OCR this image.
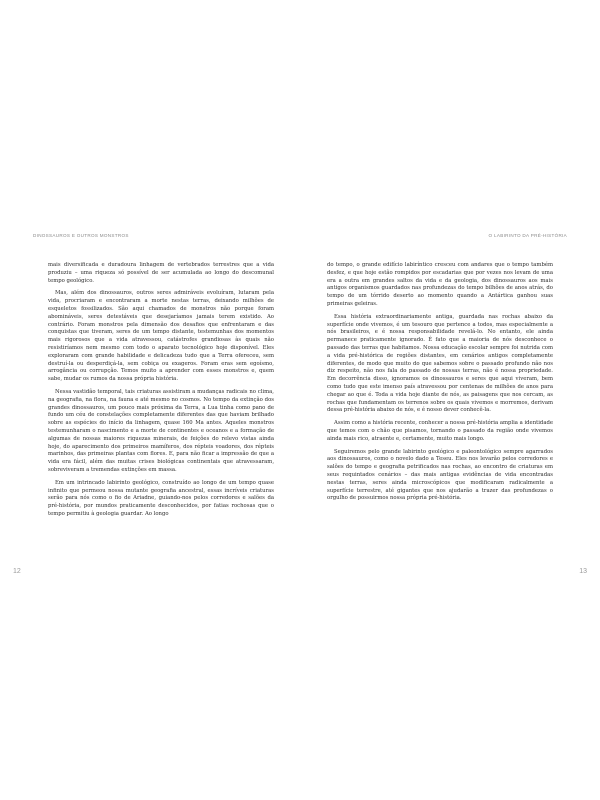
DINOSSAUROS E OUTROS MONSTROS	O LABIRINTO DA PRÉ-HISTÓRIA

mais diversificada e duradoura linhagem de vertebrados terrestres que a vida produziu – uma riqueza só possível de ser acumulada ao longo do descomunal tempo geológico.

Mas, além dos dinossauros, outros seres admiráveis evoluíram, lutaram pela vida, procriaram e encontraram a morte nestas terras, deixando milhões de esqueletos fossilizados. São aqui chamados de monstros não porque foram abomináveis, seres detestáveis que desejaríamos jamais terem existido. Ao contrário. Foram monstros pela dimensão dos desafios que enfrentaram e das conquistas que tiveram, seres de um tempo distante, testemunhas dos momentos mais rigorosos que a vida atravessou, catástrofes grandiosas às quais não resistiríamos nem mesmo com todo o aparato tecnológico hoje disponível. Eles exploraram com grande habilidade e delicadeza tudo que a Terra ofereceu, sem destruí-la ou desperdiçá-la, sem cobiça ou exageros. Foram eras sem egoísmo, arrogância ou corrupção. Temos muito a aprender com esses monstros e, quem sabe, mudar os rumos da nossa própria história.

Nessa vastidão temporal, tais criaturas assistiram a mudanças radicais no clima, na geografia, na flora, na fauna e até mesmo no cosmos. No tempo da extinção dos grandes dinossauros, um pouco mais próxima da Terra, a Lua tinha como pano de fundo um céu de constelações completamente diferentes das que haviam brilhado sobre as espécies do início da linhagem, quase 160 Ma antes. Aqueles monstros testemunharam o nascimento e a morte de continentes e oceanos e a formação de algumas de nossas maiores riquezas minerais, de feições do relevo vistas ainda hoje, do aparecimento dos primeiros mamíferos, dos répteis voadores, dos répteis marinhos, das primeiras plantas com flores. E, para não ficar a impressão de que a vida era fácil, além das muitas crises biológicas continentais que atravessaram, sobreviveram a tremendas extinções em massa.

Em um intrincado labirinto geológico, construído ao longo de um tempo quase infinito que permeou nossa mutante geografia ancestral, essas incríveis criaturas serão para nós como o fio de Ariadne, guiando-nos pelos corredores e salões da pré-história, por mundos praticamente desconhecidos, por fatias rochosas que o tempo permitiu à geologia guardar. Ao longo

do tempo, o grande edifício labiríntico cresceu com andares que o tempo também desfez, e que hoje estão rompidos por escadarias que por vezes nos levam de uma era a outra em grandes saltos da vida e da geologia, dos dinossauros aos mais antigos organismos guardados nas profundezas do tempo bilhões de anos atrás, do tempo de um tórrido deserto ao momento quando a Antártica ganhou suas primeiras geleiras.

Essa história extraordinariamente antiga, guardada nas rochas abaixo da superfície onde vivemos, é um tesouro que pertence a todos, mas especialmente a nós brasileiros, e é nossa responsabilidade revelá-lo. No entanto, ele ainda permanece praticamente ignorado. É fato que a maioria de nós desconhece o passado das terras que habitamos. Nossa educação escolar sempre foi nutrida com a vida pré-histórica de regiões distantes, em cenários antigos completamente diferentes, de modo que muito do que sabemos sobre o passado profundo não nos diz respeito, não nos fala do passado de nossas terras, não é nossa propriedade. Em decorrência disso, ignoramos os dinossauros e seres que aqui viveram, bem como tudo que este imenso país atravessou por centenas de milhões de anos para chegar ao que é. Toda a vida hoje diante de nós, as paisagens que nos cercam, as rochas que fundamentam os terrenos sobre os quais vivemos e morremos, derivam dessa pré-história abaixo de nós, e é nosso dever conhecê-la.

Assim como a história recente, conhecer a nossa pré-história amplia a identidade que temos com o chão que pisamos, tornando o passado da região onde vivemos ainda mais rico, atraente e, certamente, muito mais longo.

Seguiremos pelo grande labirinto geológico e paleontológico sempre agarrados aos dinossauros, como o novelo dado a Teseu. Eles nos levarão pelos corredores e salões do tempo e geografia petrificados nas rochas, ao encontro de criaturas em seus requintados cenários – das mais antigas evidências de vida encontradas nestas terras, seres ainda microscópicos que modificaram radicalmente a superfície terrestre, até gigantes que nos ajudarão a trazer das profundezas o orgulho de possuirmos nossa própria pré-história.

12	13
